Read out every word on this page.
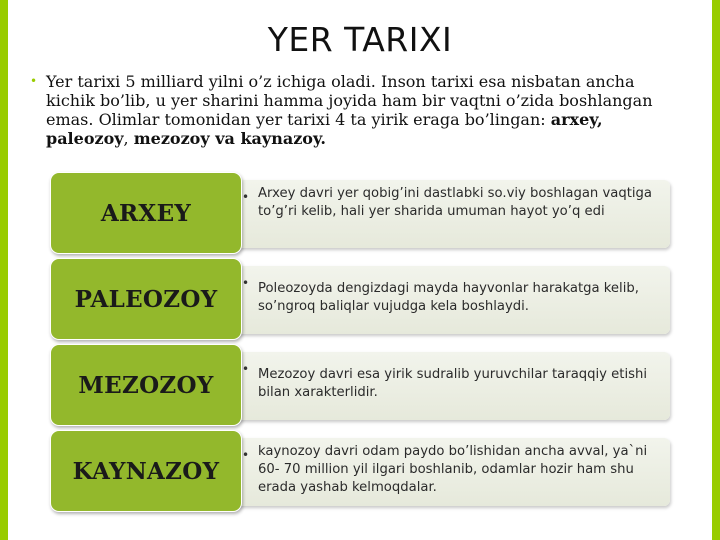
YER TARIXI
• Yer tarixi 5 milliard yilni o’z ichiga oladi. Inson tarixi esa nisbatan ancha kichik bo’lib, u yer sharini hamma joyida ham bir vaqtni o’zida boshlangan emas. Olimlar tomonidan yer tarixi 4 ta yirik eraga bo’lingan: arxey, paleozoy, mezozoy va kaynazoy.
• Arxey davri yer qobig’ini dastlabki so.viy boshlagan vaqtiga to’g’ri kelib, hali yer sharida umuman hayot yo’q edi
ARXEY
• Poleozoyda dengizdagi mayda hayvonlar harakatga kelib, so’ngroq baliqlar vujudga kela boshlaydi.
PALEOZOY
• Mezozoy davri esa yirik sudralib yuruvchilar taraqqiy etishi bilan xarakterlidir.
MEZOZOY
• kaynozoy davri odam paydo bo’lishidan ancha avval, ya`ni 60- 70 million yil ilgari boshlanib, odamlar hozir ham shu erada yashab kelmoqdalar.
KAYNAZOY
